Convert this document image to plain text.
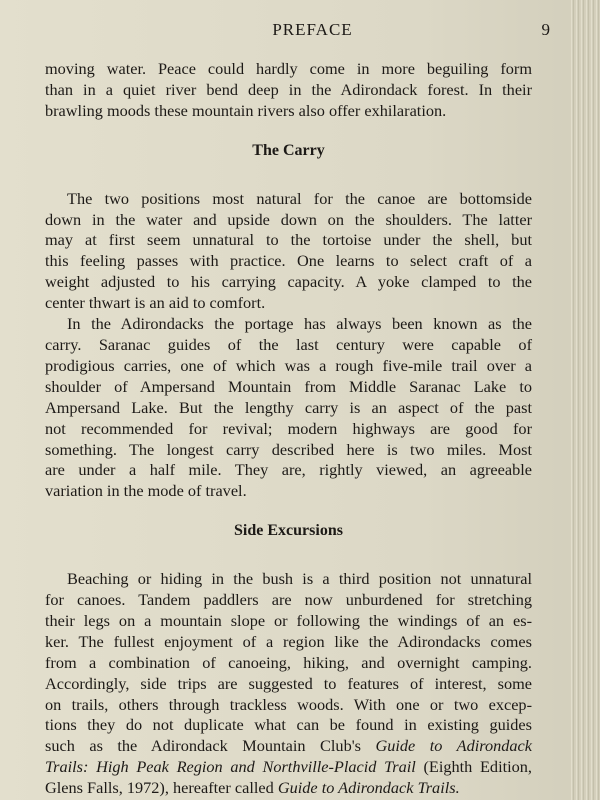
PREFACE	9
moving water. Peace could hardly come in more beguiling form
than in a quiet river bend deep in the Adirondack forest. In their
brawling moods these mountain rivers also offer exhilaration.
The Carry
The two positions most natural for the canoe are bottomside
down in the water and upside down on the shoulders. The latter
may at first seem unnatural to the tortoise under the shell, but
this feeling passes with practice. One learns to select craft of a
weight adjusted to his carrying capacity. A yoke clamped to the
center thwart is an aid to comfort.
In the Adirondacks the portage has always been known as the
carry. Saranac guides of the last century were capable of
prodigious carries, one of which was a rough five-mile trail over a
shoulder of Ampersand Mountain from Middle Saranac Lake to
Ampersand Lake. But the lengthy carry is an aspect of the past
not recommended for revival; modern highways are good for
something. The longest carry described here is two miles. Most
are under a half mile. They are, rightly viewed, an agreeable
variation in the mode of travel.
Side Excursions
Beaching or hiding in the bush is a third position not unnatural
for canoes. Tandem paddlers are now unburdened for stretching
their legs on a mountain slope or following the windings of an es-
ker. The fullest enjoyment of a region like the Adirondacks comes
from a combination of canoeing, hiking, and overnight camping.
Accordingly, side trips are suggested to features of interest, some
on trails, others through trackless woods. With one or two excep-
tions they do not duplicate what can be found in existing guides
such as the Adirondack Mountain Club's Guide to Adirondack
Trails: High Peak Region and Northville-Placid Trail (Eighth Edition,
Glens Falls, 1972), hereafter called Guide to Adirondack Trails.
